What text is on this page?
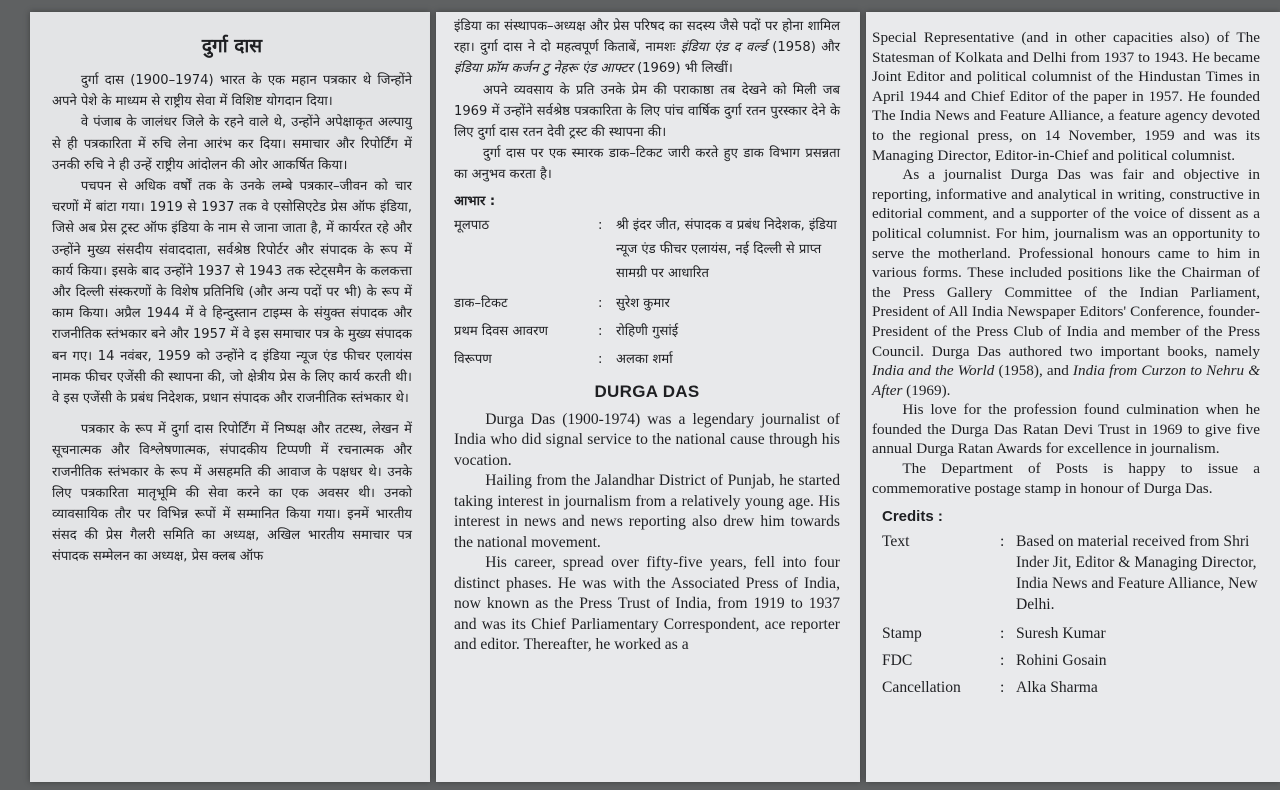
दुर्गा दास

दुर्गा दास (1900–1974) भारत के एक महान पत्रकार थे जिन्होंने अपने पेशे के माध्यम से राष्ट्रीय सेवा में विशिष्ट योगदान दिया।

वे पंजाब के जालंधर जिले के रहने वाले थे, उन्होंने अपेक्षाकृत अल्पायु से ही पत्रकारिता में रुचि लेना आरंभ कर दिया। समाचार और रिपोर्टिंग में उनकी रुचि ने ही उन्हें राष्ट्रीय आंदोलन की ओर आकर्षित किया।

पचपन से अधिक वर्षों तक के उनके लम्बे पत्रकार–जीवन को चार चरणों में बांटा गया। 1919 से 1937 तक वे एसोसिएटेड प्रेस ऑफ इंडिया, जिसे अब प्रेस ट्रस्ट ऑफ इंडिया के नाम से जाना जाता है, में कार्यरत रहे और उन्होंने मुख्य संसदीय संवाददाता, सर्वश्रेष्ठ रिपोर्टर और संपादक के रूप में कार्य किया। इसके बाद उन्होंने 1937 से 1943 तक स्टेट्समैन के कलकत्ता और दिल्ली संस्करणों के विशेष प्रतिनिधि (और अन्य पदों पर भी) के रूप में काम किया। अप्रैल 1944 में वे हिन्दुस्तान टाइम्स के संयुक्त संपादक और राजनीतिक स्तंभकार बने और 1957 में वे इस समाचार पत्र के मुख्य संपादक बन गए। 14 नवंबर, 1959 को उन्होंने द इंडिया न्यूज एंड फीचर एलायंस नामक फीचर एजेंसी की स्थापना की, जो क्षेत्रीय प्रेस के लिए कार्य करती थी। वे इस एजेंसी के प्रबंध निदेशक, प्रधान संपादक और राजनीतिक स्तंभकार थे।

पत्रकार के रूप में दुर्गा दास रिपोर्टिंग में निष्पक्ष और तटस्थ, लेखन में सूचनात्मक और विश्लेषणात्मक, संपादकीय टिप्पणी में रचनात्मक और राजनीतिक स्तंभकार के रूप में असहमति की आवाज के पक्षधर थे। उनके लिए पत्रकारिता मातृभूमि की सेवा करने का एक अवसर थी। उनको व्यावसायिक तौर पर विभिन्न रूपों में सम्मानित किया गया। इनमें भारतीय संसद की प्रेस गैलरी समिति का अध्यक्ष, अखिल भारतीय समाचार पत्र संपादक सम्मेलन का अध्यक्ष, प्रेस क्लब ऑफ

इंडिया का संस्थापक–अध्यक्ष और प्रेस परिषद का सदस्य जैसे पदों पर होना शामिल रहा। दुर्गा दास ने दो महत्वपूर्ण किताबें, नामशः इंडिया एंड द वर्ल्ड (1958) और इंडिया फ्रॉम कर्जन टु नेहरू एंड आफ्टर (1969) भी लिखीं।

अपने व्यवसाय के प्रति उनके प्रेम की पराकाष्ठा तब देखने को मिली जब 1969 में उन्होंने सर्वश्रेष्ठ पत्रकारिता के लिए पांच वार्षिक दुर्गा रतन पुरस्कार देने के लिए दुर्गा दास रतन देवी ट्रस्ट की स्थापना की।

दुर्गा दास पर एक स्मारक डाक–टिकट जारी करते हुए डाक विभाग प्रसन्नता का अनुभव करता है।

आभार :
मूलपाठ	:	श्री इंदर जीत, संपादक व प्रबंध निदेशक, इंडिया न्यूज एंड फीचर एलायंस, नई दिल्ली से प्राप्त सामग्री पर आधारित
डाक–टिकट	:	सुरेश कुमार
प्रथम दिवस आवरण	:	रोहिणी गुसांई
विरूपण	:	अलका शर्मा
DURGA DAS

Durga Das (1900-1974) was a legendary journalist of India who did signal service to the national cause through his vocation.

Hailing from the Jalandhar District of Punjab, he started taking interest in journalism from a relatively young age. His interest in news and news reporting also drew him towards the national movement.

His career, spread over fifty-five years, fell into four distinct phases. He was with the Associated Press of India, now known as the Press Trust of India, from 1919 to 1937 and was its Chief Parliamentary Correspondent, ace reporter and editor. Thereafter, he worked as a

Special Representative (and in other capacities also) of The Statesman of Kolkata and Delhi from 1937 to 1943. He became Joint Editor and political columnist of the Hindustan Times in April 1944 and Chief Editor of the paper in 1957. He founded The India News and Feature Alliance, a feature agency devoted to the regional press, on 14 November, 1959 and was its Managing Director, Editor-in-Chief and political columnist.

As a journalist Durga Das was fair and objective in reporting, informative and analytical in writing, constructive in editorial comment, and a supporter of the voice of dissent as a political columnist. For him, journalism was an opportunity to serve the motherland. Professional honours came to him in various forms. These included positions like the Chairman of the Press Gallery Committee of the Indian Parliament, President of All India Newspaper Editors' Conference, founder-President of the Press Club of India and member of the Press Council. Durga Das authored two important books, namely India and the World (1958), and India from Curzon to Nehru & After (1969).

His love for the profession found culmination when he founded the Durga Das Ratan Devi Trust in 1969 to give five annual Durga Ratan Awards for excellence in journalism.

The Department of Posts is happy to issue a commemorative postage stamp in honour of Durga Das.

Credits :
Text	: Based on material received from Shri Inder Jit, Editor & Managing Director, India News and Feature Alliance, New Delhi.
Stamp	: Suresh Kumar
FDC	: Rohini Gosain
Cancellation	: Alka Sharma
